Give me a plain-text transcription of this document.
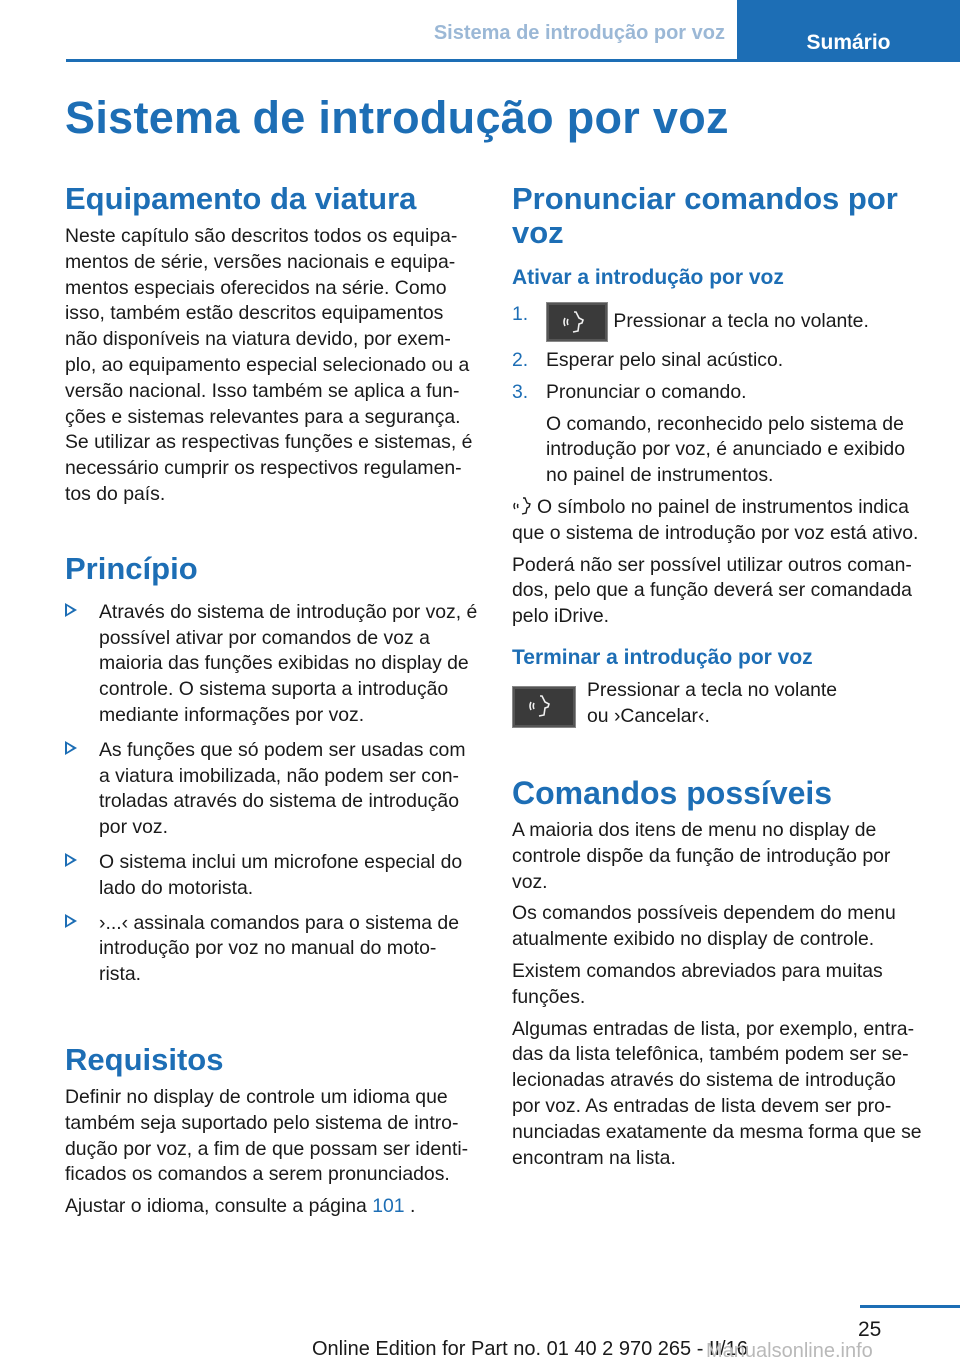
Sistema de introdução por voz	Sumário
Sistema de introdução por voz
Equipamento da viatura

Neste capítulo são descritos todos os equipa- mentos de série, versões nacionais e equipa- mentos especiais oferecidos na série. Como isso, também estão descritos equipamentos não disponíveis na viatura devido, por exem- plo, ao equipamento especial selecionado ou a versão nacional. Isso também se aplica a fun- ções e sistemas relevantes para a segurança. Se utilizar as respectivas funções e sistemas, é necessário cumprir os respectivos regulamen- tos do país.

Princípio
Através do sistema de introdução por voz, é possível ativar por comandos de voz a maioria das funções exibidas no display de controle. O sistema suporta a introdução mediante informações por voz.
As funções que só podem ser usadas com a viatura imobilizada, não podem ser con- troladas através do sistema de introdução por voz.
O sistema inclui um microfone especial do lado do motorista.
›...‹ assinala comandos para o sistema de introdução por voz no manual do moto- rista.
Requisitos

Definir no display de controle um idioma que também seja suportado pelo sistema de intro- dução por voz, a fim de que possam ser identi- ficados os comandos a serem pronunciados.

Ajustar o idioma, consulte a página 101 .

Pronunciar comandos por voz
Ativar a introdução por voz
1.	Pressionar a tecla no volante.
2. Esperar pelo sinal acústico.
3. Pronunciar o comando.
O comando, reconhecido pelo sistema de introdução por voz, é anunciado e exibido no painel de instrumentos.

O símbolo no painel de instrumentos indica que o sistema de introdução por voz está ativo.

Poderá não ser possível utilizar outros coman- dos, pelo que a função deverá ser comandada pelo iDrive.

Terminar a introdução por voz

Pressionar a tecla no volante

ou ›Cancelar‹.

Comandos possíveis

A maioria dos itens de menu no display de controle dispõe da função de introdução por voz.

Os comandos possíveis dependem do menu atualmente exibido no display de controle.

Existem comandos abreviados para muitas funções.

Algumas entradas de lista, por exemplo, entra- das da lista telefônica, também podem ser se- lecionadas através do sistema de introdução por voz. As entradas de lista devem ser pro- nunciadas exatamente da mesma forma que se encontram na lista.

25
Online Edition for Part no. 01 40 2 970 265 - II/16
Manualsonline.info
